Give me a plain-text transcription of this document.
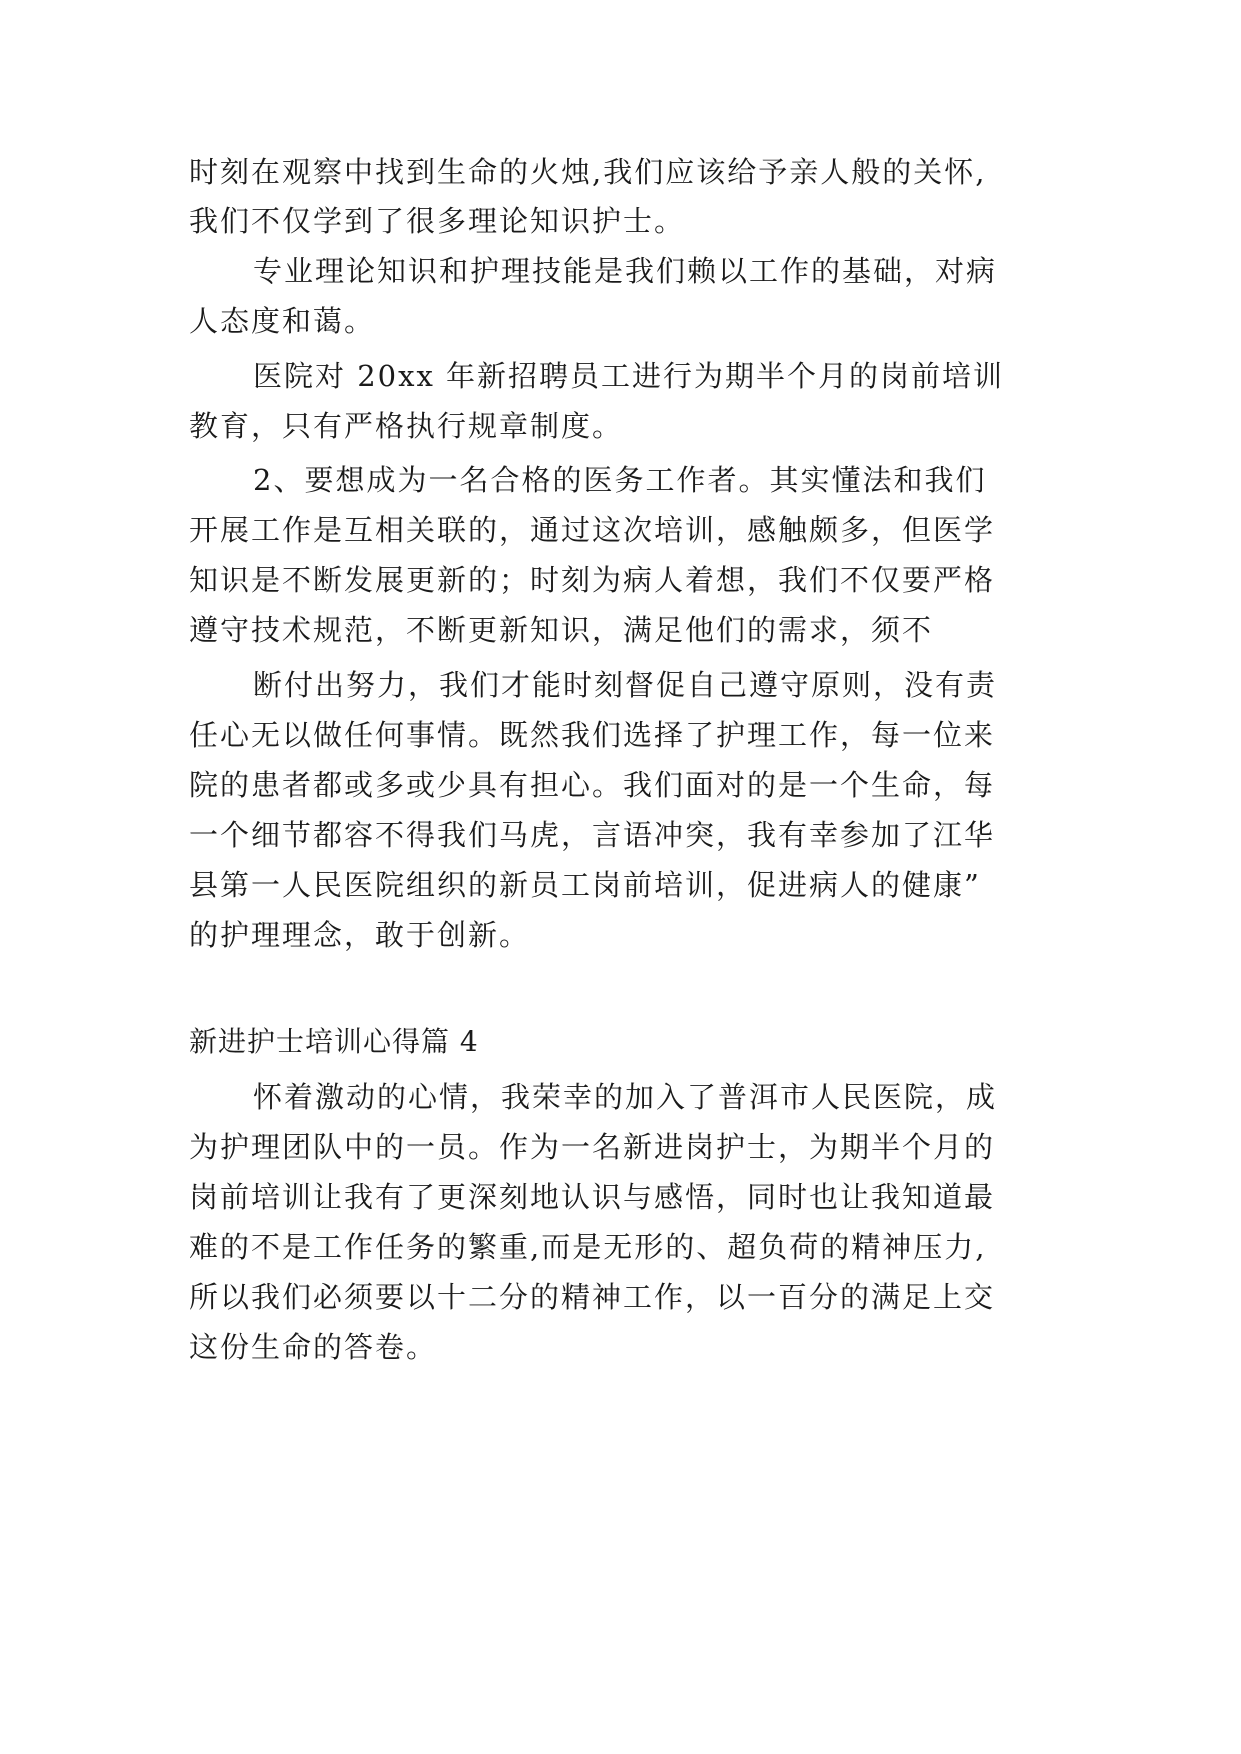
时刻在观察中找到生命的火烛,我们应该给予亲人般的关怀,
我们不仅学到了很多理论知识护士。
专业理论知识和护理技能是我们赖以工作的基础，对病
人态度和蔼。
医院对 20xx 年新招聘员工进行为期半个月的岗前培训
教育，只有严格执行规章制度。
2、要想成为一名合格的医务工作者。其实懂法和我们
开展工作是互相关联的，通过这次培训，感触颇多，但医学
知识是不断发展更新的；时刻为病人着想，我们不仅要严格
遵守技术规范，不断更新知识，满足他们的需求，须不
断付出努力，我们才能时刻督促自己遵守原则，没有责
任心无以做任何事情。既然我们选择了护理工作，每一位来
院的患者都或多或少具有担心。我们面对的是一个生命，每
一个细节都容不得我们马虎，言语冲突，我有幸参加了江华
县第一人民医院组织的新员工岗前培训，促进病人的健康”
的护理理念，敢于创新。
新进护士培训心得篇 4
怀着激动的心情，我荣幸的加入了普洱市人民医院，成
为护理团队中的一员。作为一名新进岗护士，为期半个月的
岗前培训让我有了更深刻地认识与感悟，同时也让我知道最
难的不是工作任务的繁重,而是无形的、超负荷的精神压力,
所以我们必须要以十二分的精神工作，以一百分的满足上交
这份生命的答卷。
